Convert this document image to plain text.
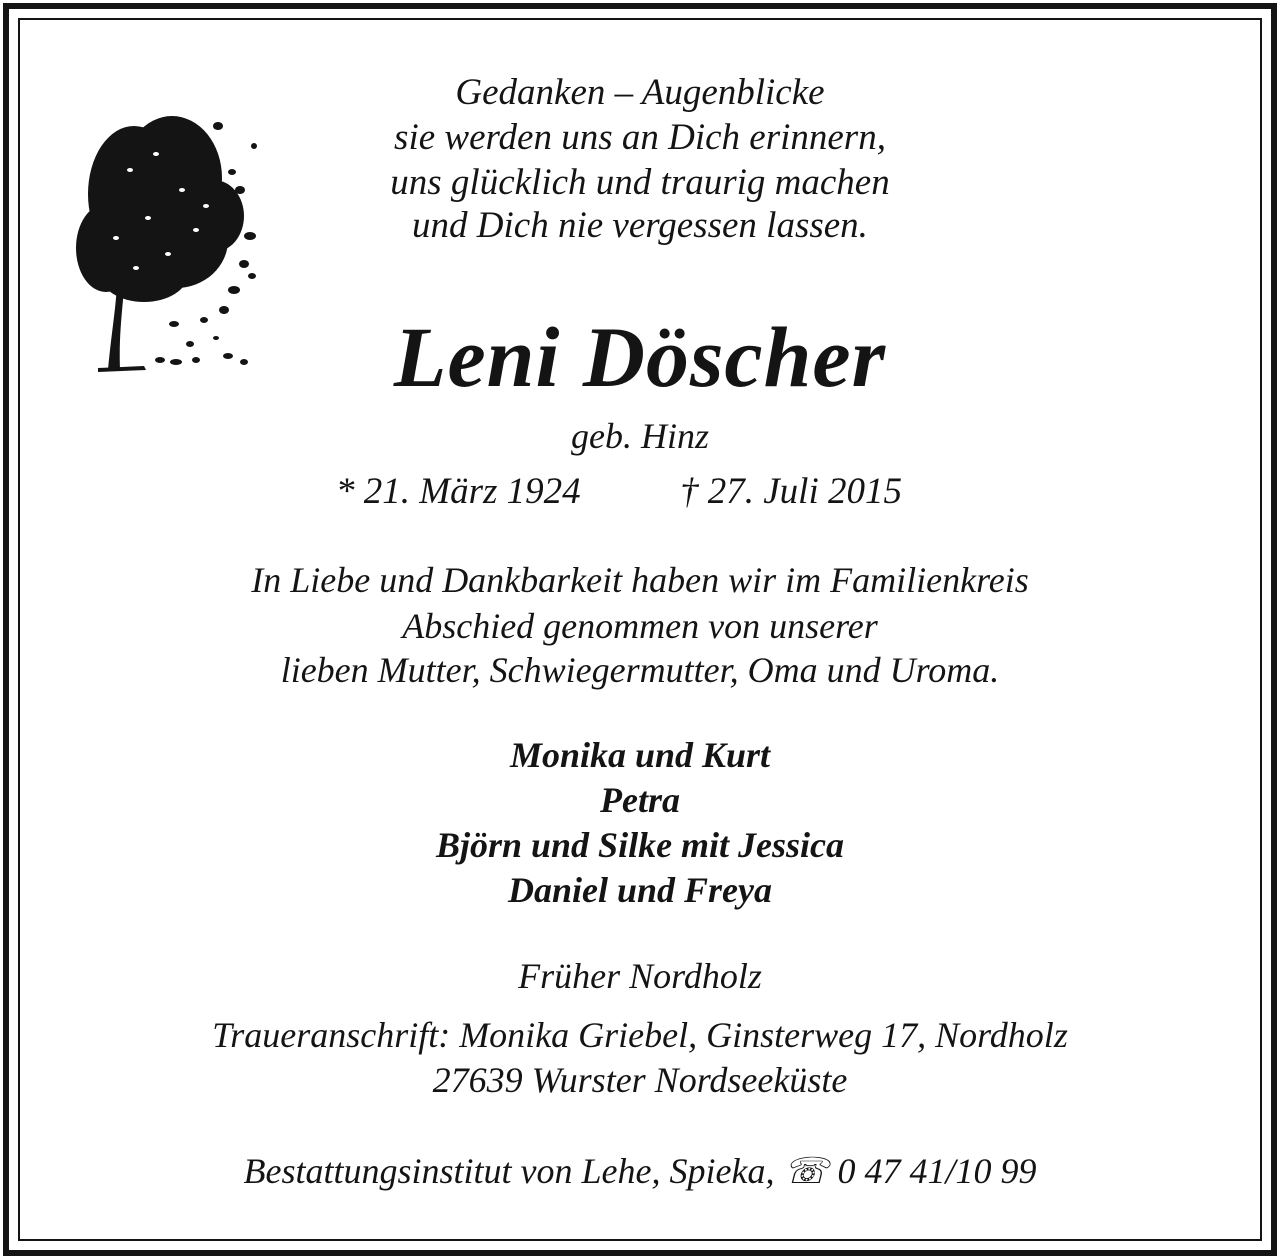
Gedanken – Augenblicke
sie werden uns an Dich erinnern,
uns glücklich und traurig machen
und Dich nie vergessen lassen.
Leni Döscher
geb. Hinz
* 21. März 1924	† 27. Juli 2015
In Liebe und Dankbarkeit haben wir im Familienkreis
Abschied genommen von unserer
lieben Mutter, Schwiegermutter, Oma und Uroma.
Monika und Kurt
Petra
Björn und Silke mit Jessica
Daniel und Freya
Früher Nordholz
Traueranschrift: Monika Griebel, Ginsterweg 17, Nordholz
27639 Wurster Nordseeküste
Bestattungsinstitut von Lehe, Spieka, ☏ 0 47 41/10 99
